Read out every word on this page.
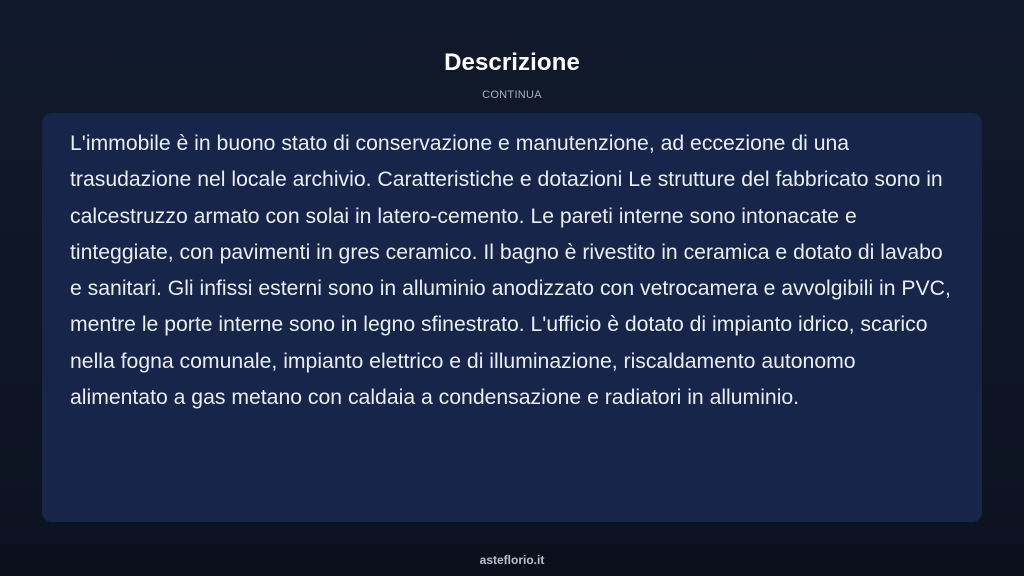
Descrizione
CONTINUA

L'immobile è in buono stato di conservazione e manutenzione, ad eccezione di una trasudazione nel locale archivio. Caratteristiche e dotazioni Le strutture del fabbricato sono in calcestruzzo armato con solai in latero-cemento. Le pareti interne sono intonacate e tinteggiate, con pavimenti in gres ceramico. Il bagno è rivestito in ceramica e dotato di lavabo e sanitari. Gli infissi esterni sono in alluminio anodizzato con vetrocamera e avvolgibili in PVC, mentre le porte interne sono in legno sfinestrato. L'ufficio è dotato di impianto idrico, scarico nella fogna comunale, impianto elettrico e di illuminazione, riscaldamento autonomo alimentato a gas metano con caldaia a condensazione e radiatori in alluminio.

asteflorio.it
